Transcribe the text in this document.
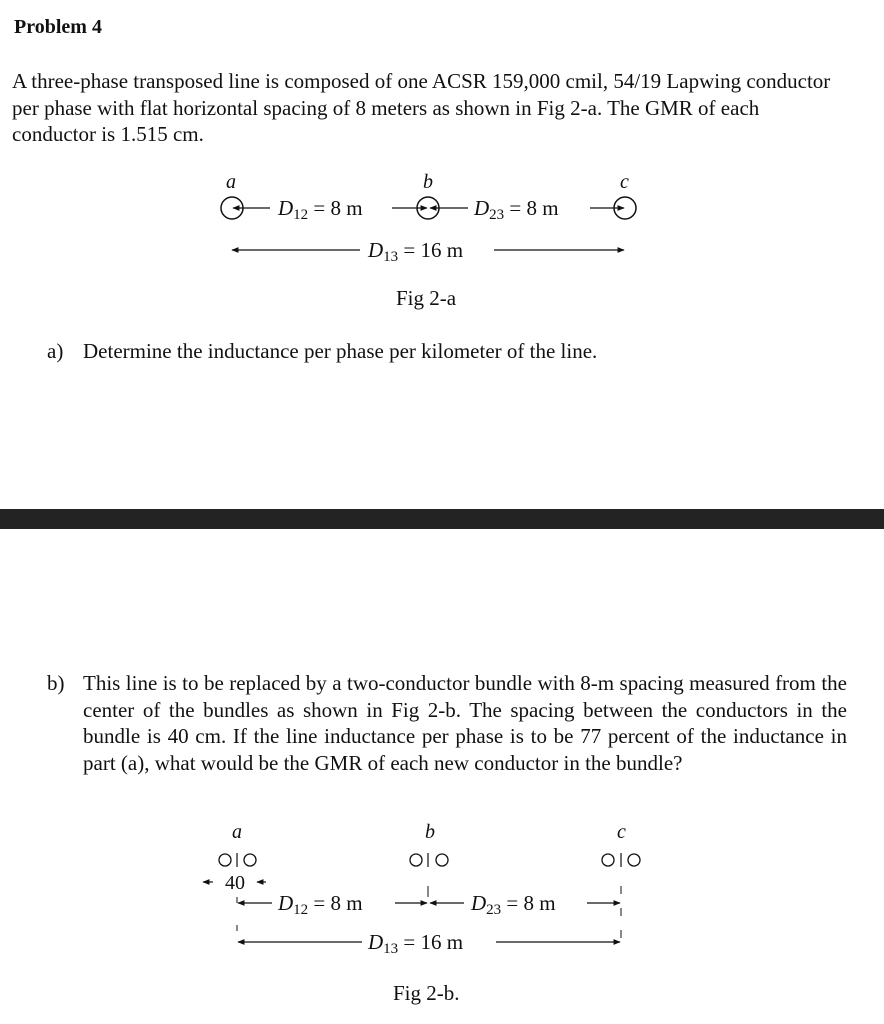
Problem 4
A three-phase transposed line is composed of one ACSR 159,000 cmil, 54/19 Lapwing conductor per phase with flat horizontal spacing of 8 meters as shown in Fig 2-a. The GMR of each conductor is 1.515 cm.
a	b	c
D12 = 8 m	D23 = 8 m
D13 = 16 m
Fig 2-a
a	b	c
40
D12 = 8 m	D23 = 8 m
D13 = 16 m
Fig 2-b.
a) Determine the inductance per phase per kilometer of the line.
b) This line is to be replaced by a two-conductor bundle with 8-m spacing measured from the center of the bundles as shown in Fig 2-b. The spacing between the conductors in the bundle is 40 cm. If the line inductance per phase is to be 77 percent of the inductance in part (a), what would be the GMR of each new conductor in the bundle?
